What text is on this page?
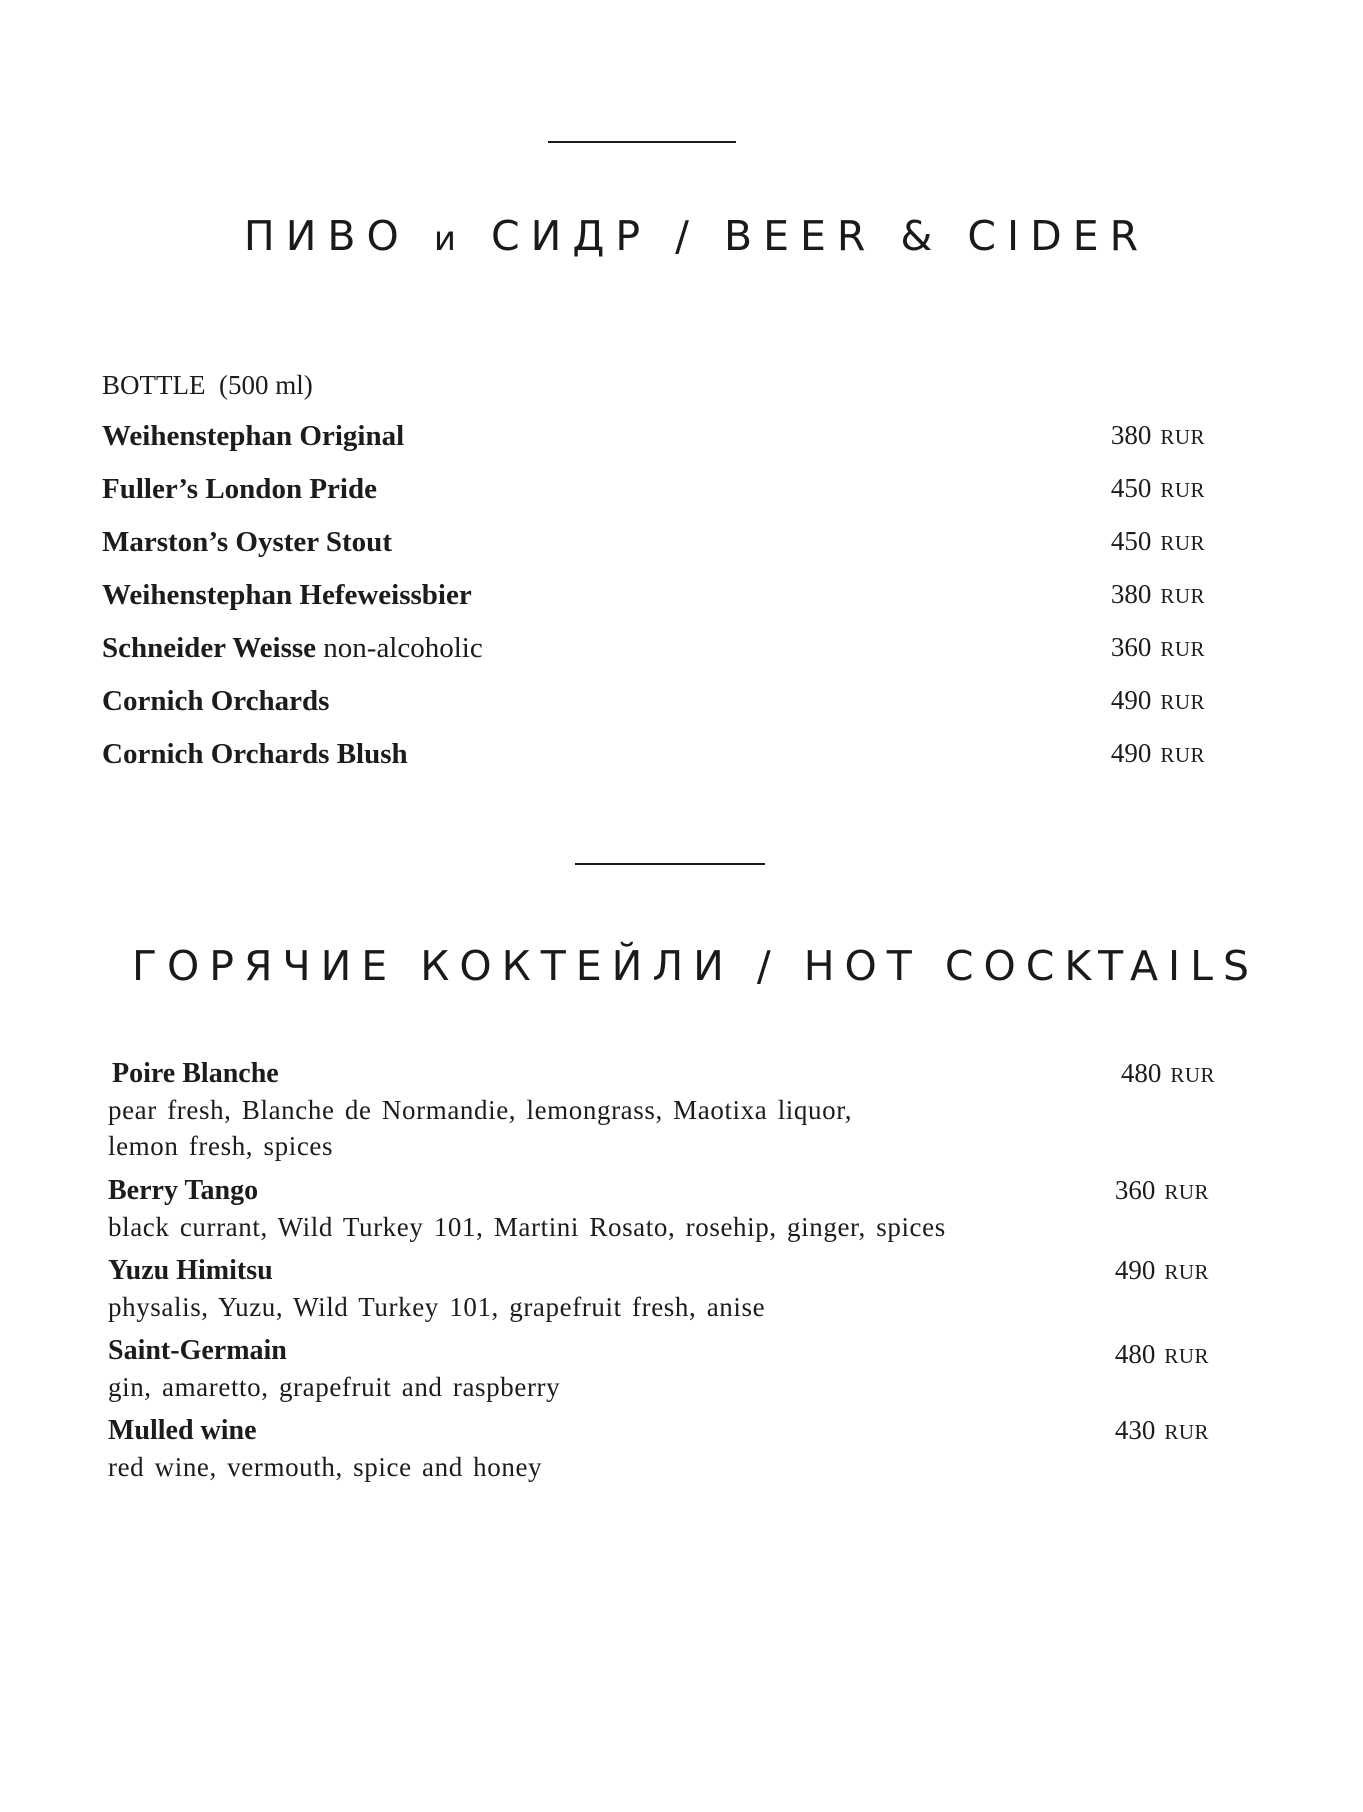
ПИВО и СИДР / BEER & CIDER
BOTTLE  (500 ml)
Weihenstephan Original	380 RUR
Fuller’s London Pride	450 RUR
Marston’s Oyster Stout	450 RUR
Weihenstephan Hefeweissbier	380 RUR
Schneider Weisse non-alcoholic	360 RUR
Cornich Orchards	490 RUR
Cornich Orchards Blush	490 RUR
ГОРЯЧИЕ КОКТЕЙЛИ / HOT COCKTAILS
Poire Blanche
pear fresh, Blanche de Normandie, lemongrass, Maotixa liquor, lemon fresh, spices
480 RUR
Berry Tango
black currant, Wild Turkey 101, Martini Rosato, rosehip, ginger, spices
360 RUR
Yuzu Himitsu
physalis, Yuzu, Wild Turkey 101, grapefruit fresh, anise
490 RUR
Saint-Germain
gin, amaretto, grapefruit and raspberry
480 RUR
Mulled wine
red wine, vermouth, spice and honey
430 RUR
